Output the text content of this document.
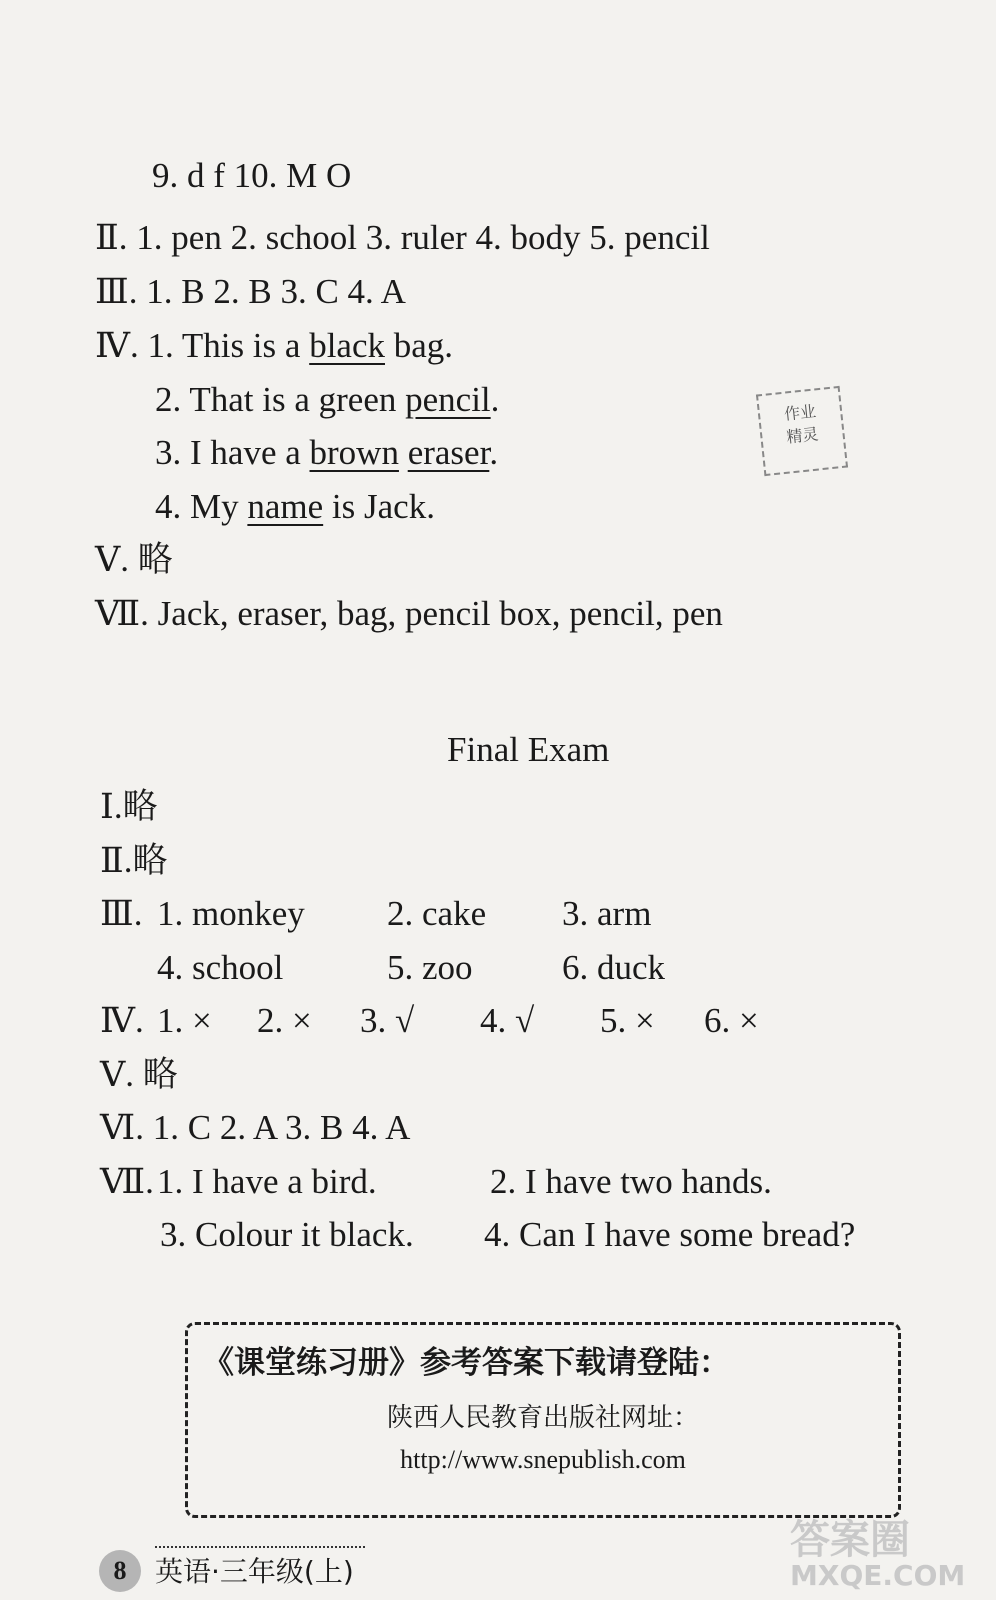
9. d f 10. M O
Ⅱ. 1. pen 2. school 3. ruler 4. body 5. pencil
Ⅲ. 1. B 2. B 3. C 4. A
Ⅳ. 1. This is a black bag.
2. That is a green pencil.
3. I have a brown eraser.
4. My name is Jack.
Ⅴ. 略
Ⅶ. Jack, eraser, bag, pencil box, pencil, pen
作业
精灵
Final Exam
Ⅰ.略
Ⅱ.略
Ⅲ. 1. monkey 2. cake 3. arm
4. school	5. zoo	6. duck
Ⅳ. 1. × 2. × 3. √ 4. √ 5. × 6. ×
Ⅴ. 略
Ⅵ. 1. C 2. A 3. B 4. A
Ⅶ. 1. I have a bird.	2. I have two hands.
3. Colour it black. 4. Can I have some bread?
《课堂练习册》参考答案下载请登陆：
陕西人民教育出版社网址：
http://www.snepublish.com
8	英语·三年级(上)
答案圈
MXQE.COM
